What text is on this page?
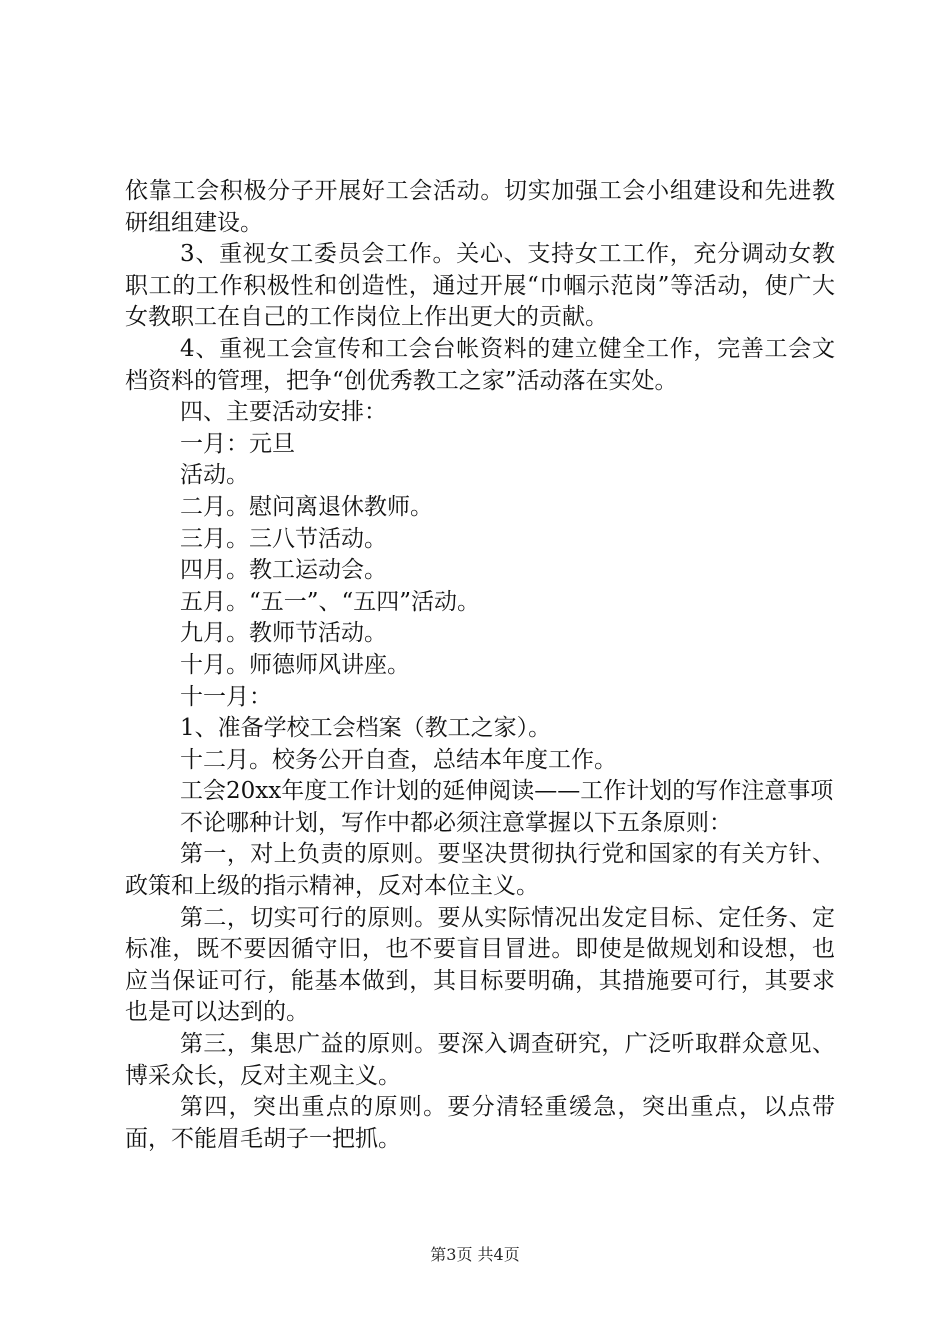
依靠工会积极分子开展好工会活动。切实加强工会小组建设和先进教研组组建设。

3、重视女工委员会工作。关心、支持女工工作，充分调动女教职工的工作积极性和创造性，通过开展“巾帼示范岗”等活动，使广大女教职工在自己的工作岗位上作出更大的贡献。

4、重视工会宣传和工会台帐资料的建立健全工作，完善工会文档资料的管理，把争“创优秀教工之家”活动落在实处。

四、主要活动安排：

一月：元旦

活动。

二月。慰问离退休教师。

三月。三八节活动。

四月。教工运动会。

五月。“五一”、“五四”活动。

九月。教师节活动。

十月。师德师风讲座。

十一月：

1、准备学校工会档案（教工之家）。

十二月。校务公开自查，总结本年度工作。

工会20xx年度工作计划的延伸阅读——工作计划的写作注意事项

不论哪种计划，写作中都必须注意掌握以下五条原则：

第一，对上负责的原则。要坚决贯彻执行党和国家的有关方针、政策和上级的指示精神，反对本位主义。

第二，切实可行的原则。要从实际情况出发定目标、定任务、定标准，既不要因循守旧，也不要盲目冒进。即使是做规划和设想，也应当保证可行，能基本做到，其目标要明确，其措施要可行，其要求也是可以达到的。

第三，集思广益的原则。要深入调查研究，广泛听取群众意见、博采众长，反对主观主义。

第四，突出重点的原则。要分清轻重缓急，突出重点，以点带面，不能眉毛胡子一把抓。

第3页 共4页
